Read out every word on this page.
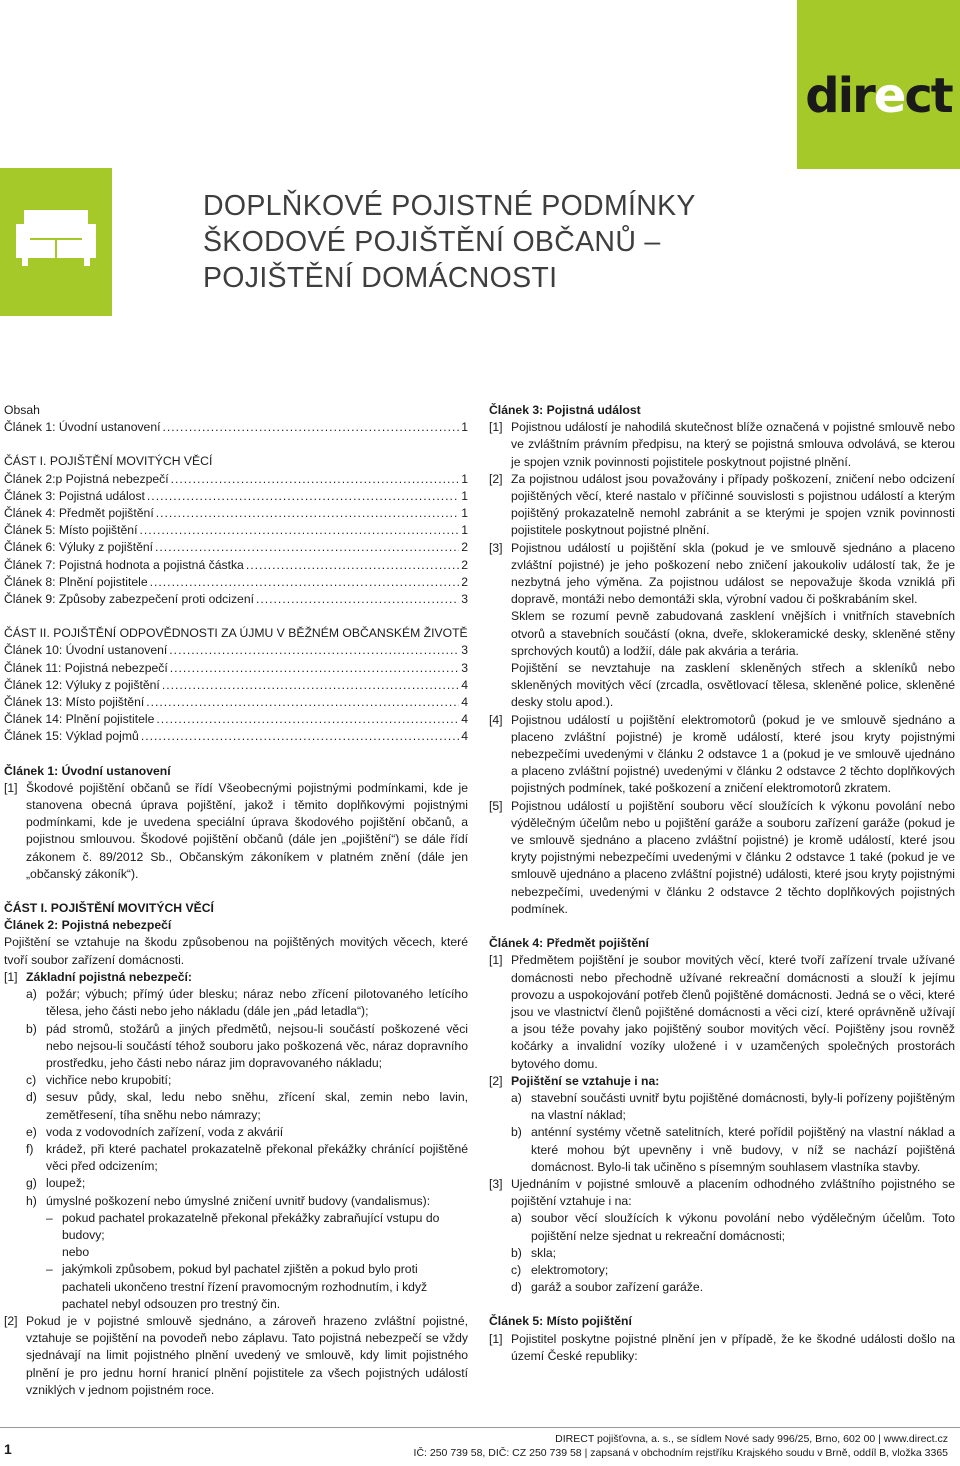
direct
DOPLŇKOVÉ POJISTNÉ PODMÍNKY
ŠKODOVÉ POJIŠTĚNÍ OBČANŮ –
POJIŠTĚNÍ DOMÁCNOSTI

Obsah

Článek 1: Úvodní ustanovení .....	1

ČÁST I. POJIŠTĚNÍ MOVITÝCH VĚCÍ

Článek 2:p Pojistná nebezpečí .....	1
Článek 3: Pojistná událost .....	1
Článek 4: Předmět pojištění .....	1
Článek 5: Místo pojištění .....	1
Článek 6: Výluky z pojištění .....	2
Článek 7: Pojistná hodnota a pojistná částka .....	2
Článek 8: Plnění pojistitele .....	2
Článek 9: Způsoby zabezpečení proti odcizení .....	3

ČÁST II. POJIŠTĚNÍ ODPOVĚDNOSTI ZA ÚJMU V BĚŽNÉM OBČANSKÉM ŽIVOTĚ

Článek 10: Úvodní ustanovení .....	3
Článek 11: Pojistná nebezpečí .....	3
Článek 12: Výluky z pojištění .....	4
Článek 13: Místo pojištění .....	4
Článek 14: Plnění pojistitele .....	4
Článek 15: Výklad pojmů .....	4

Článek 1: Úvodní ustanovení

[1] Škodové pojištění občanů se řídí Všeobecnými pojistnými podmínkami, kde je stanovena obecná úprava pojištění, jakož i těmito doplňkovými pojistnými podmínkami, kde je uvedena speciální úprava škodového pojištění občanů, a pojistnou smlouvou. Škodové pojištění občanů (dále jen „pojištění“) se dále řídí zákonem č. 89/2012 Sb., Občanským zákoníkem v platném znění (dále jen „občanský zákoník“).

ČÁST I. POJIŠTĚNÍ MOVITÝCH VĚCÍ

Článek 2: Pojistná nebezpečí

Pojištění se vztahuje na škodu způsobenou na pojištěných movitých věcech, které tvoří soubor zařízení domácnosti.

[1] Základní pojistná nebezpečí:
a) požár; výbuch; přímý úder blesku; náraz nebo zřícení pilotovaného letícího tělesa, jeho části nebo jeho nákladu (dále jen „pád letadla“);
b) pád stromů, stožárů a jiných předmětů, nejsou-li součástí poškozené věci nebo nejsou-li součástí téhož souboru jako poškozená věc, náraz dopravního prostředku, jeho části nebo náraz jim dopravovaného nákladu;
c) vichřice nebo krupobití;
d) sesuv půdy, skal, ledu nebo sněhu, zřícení skal, zemin nebo lavin, zemětřesení, tíha sněhu nebo námrazy;
e) voda z vodovodních zařízení, voda z akvárií
f)	krádež, při které pachatel prokazatelně překonal překážky chránící pojištěné věci před odcizením;
g) loupež;
h) úmyslné poškození nebo úmyslné zničení uvnitř budovy (vandalismus):
– pokud pachatel prokazatelně překonal překážky zabraňující vstupu do budovy;
nebo
– jakýmkoli způsobem, pokud byl pachatel zjištěn a pokud bylo proti pachateli ukončeno trestní řízení pravomocným rozhodnutím, i když pachatel nebyl odsouzen pro trestný čin.
[2] Pokud je v pojistné smlouvě sjednáno, a zároveň hrazeno zvláštní pojistné, vztahuje se pojištění na povodeň nebo záplavu. Tato pojistná nebezpečí se vždy sjednávají na limit pojistného plnění uvedený ve smlouvě, kdy limit pojistného plnění je pro jednu horní hranicí plnění pojistitele za všech pojistných událostí vzniklých v jednom pojistném roce.

Článek 3: Pojistná událost

[1] Pojistnou událostí je nahodilá skutečnost blíže označená v pojistné smlouvě nebo ve zvláštním právním předpisu, na který se pojistná smlouva odvolává, se kterou je spojen vznik povinnosti pojistitele poskytnout pojistné plnění.
[2] Za pojistnou událost jsou považovány i případy poškození, zničení nebo odcizení pojištěných věcí, které nastalo v příčinné souvislosti s pojistnou událostí a kterým pojištěný prokazatelně nemohl zabránit a se kterými je spojen vznik povinnosti pojistitele poskytnout pojistné plnění.
[3] Pojistnou událostí u pojištění skla (pokud je ve smlouvě sjednáno a placeno zvláštní pojistné) je jeho poškození nebo zničení jakoukoliv událostí tak, že je nezbytná jeho výměna. Za pojistnou událost se nepovažuje škoda vzniklá při dopravě, montáži nebo demontáži skla, výrobní vadou či poškrabáním skel.

Sklem se rozumí pevně zabudovaná zasklení vnějších i vnitřních stavebních otvorů a stavebních součástí (okna, dveře, sklokeramické desky, skleněné stěny sprchových koutů) a lodžií, dále pak akvária a terária.

Pojištění se nevztahuje na zasklení skleněných střech a skleníků nebo skleněných movitých věcí (zrcadla, osvětlovací tělesa, skleněné police, skleněné desky stolu apod.).

[4] Pojistnou událostí u pojištění elektromotorů (pokud je ve smlouvě sjednáno a placeno zvláštní pojistné) je kromě událostí, které jsou kryty pojistnými nebezpečími uvedenými v článku 2 odstavce 1 a (pokud je ve smlouvě ujednáno a placeno zvláštní pojistné) uvedenými v článku 2 odstavce 2 těchto doplňkových pojistných podmínek, také poškození a zničení elektromotorů zkratem.
[5] Pojistnou událostí u pojištění souboru věcí sloužících k výkonu povolání nebo výdělečným účelům nebo u pojištění garáže a souboru zařízení garáže (pokud je ve smlouvě sjednáno a placeno zvláštní pojistné) je kromě událostí, které jsou kryty pojistnými nebezpečími uvedenými v článku 2 odstavce 1 také (pokud je ve smlouvě ujednáno a placeno zvláštní pojistné) události, které jsou kryty pojistnými nebezpečími, uvedenými v článku 2 odstavce 2 těchto doplňkových pojistných podmínek.

Článek 4: Předmět pojištění

[1] Předmětem pojištění je soubor movitých věcí, které tvoří zařízení trvale užívané domácnosti nebo přechodně užívané rekreační domácnosti a slouží k jejímu provozu a uspokojování potřeb členů pojištěné domácnosti. Jedná se o věci, které jsou ve vlastnictví členů pojištěné domácnosti a věci cizí, které oprávněně užívají a jsou téže povahy jako pojištěný soubor movitých věcí. Pojištěny jsou rovněž kočárky a invalidní vozíky uložené i v uzamčených společných prostorách bytového domu.
[2] Pojištění se vztahuje i na:
a) stavební součásti uvnitř bytu pojištěné domácnosti, byly-li pořízeny pojištěným na vlastní náklad;
b) anténní systémy včetně satelitních, které pořídil pojištěný na vlastní náklad a které mohou být upevněny i vně budovy, v níž se nachází pojištěná domácnost. Bylo-li tak učiněno s písemným souhlasem vlastníka stavby.
[3] Ujednáním v pojistné smlouvě a placením odhodného zvláštního pojistného se pojištění vztahuje i na:
a) soubor věcí sloužících k výkonu povolání nebo výdělečným účelům. Toto pojištění nelze sjednat u rekreační domácnosti;
b) skla;
c) elektromotory;
d) garáž a soubor zařízení garáže.

Článek 5: Místo pojištění

[1] Pojistitel poskytne pojistné plnění jen v případě, že ke škodné události došlo na území České republiky:
1
DIRECT pojišťovna, a. s., se sídlem Nové sady 996/25, Brno, 602 00 | www.direct.cz
IČ: 250 739 58, DIČ: CZ 250 739 58 | zapsaná v obchodním rejstříku Krajského soudu v Brně, oddíl B, vložka 3365
